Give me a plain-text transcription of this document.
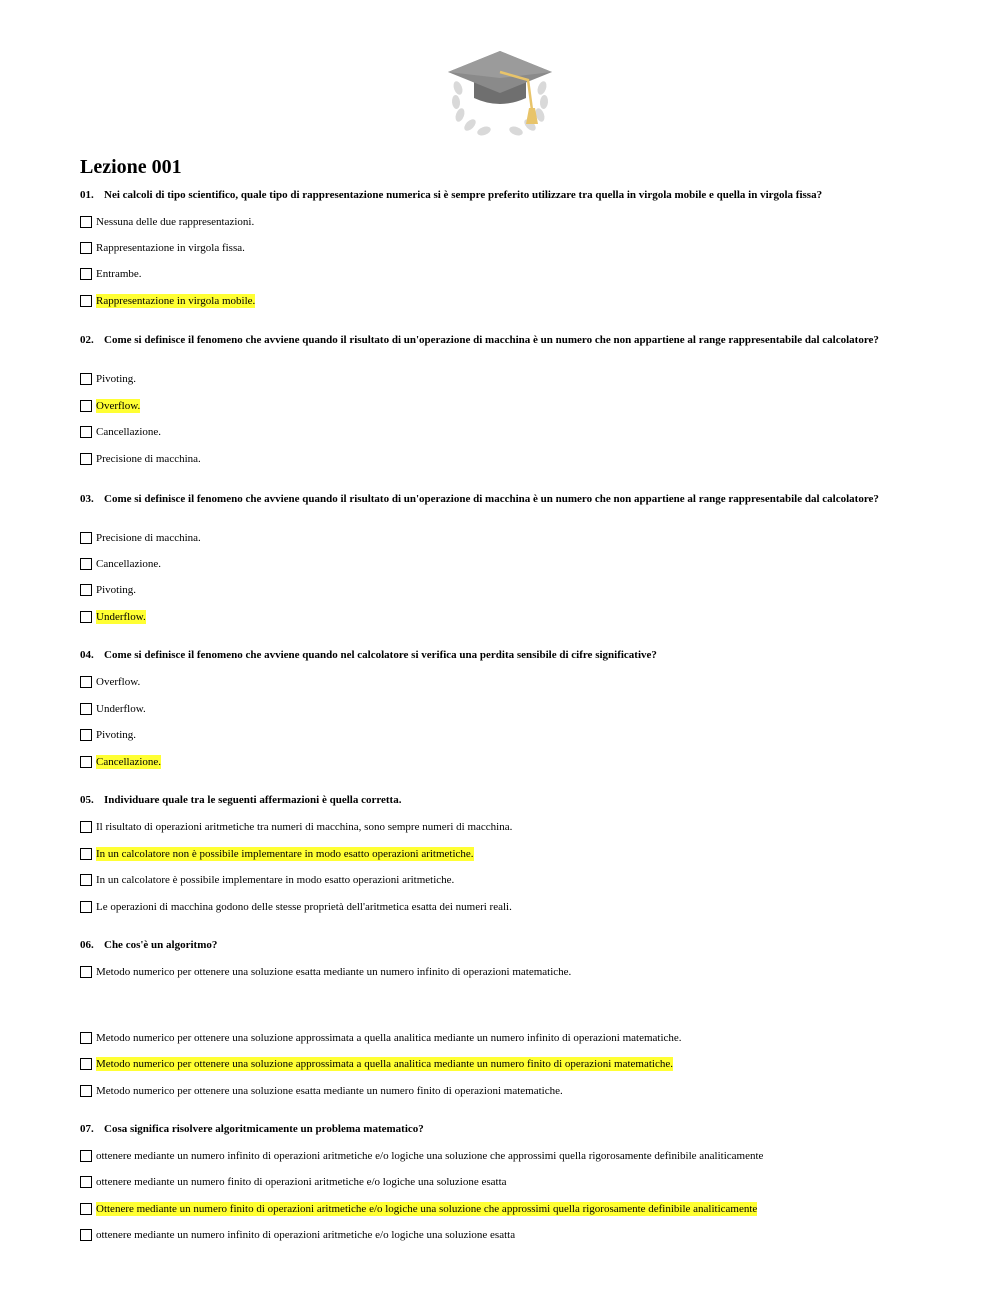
Lezione 001

01. Nei calcoli di tipo scientifico, quale tipo di rappresentazione numerica si è sempre preferito utilizzare tra quella in virgola mobile e quella in virgola fissa?

Nessuna delle due rappresentazioni.
Rappresentazione in virgola fissa.
Entrambe.
Rappresentazione in virgola mobile.

02. Come si definisce il fenomeno che avviene quando il risultato di un'operazione di macchina è un numero che non appartiene al range rappresentabile dal calcolatore?

Pivoting.
Overflow.
Cancellazione.
Precisione di macchina.

03. Come si definisce il fenomeno che avviene quando il risultato di un'operazione di macchina è un numero che non appartiene al range rappresentabile dal calcolatore?

Precisione di macchina.
Cancellazione.
Pivoting.
Underflow.

04. Come si definisce il fenomeno che avviene quando nel calcolatore si verifica una perdita sensibile di cifre significative?

Overflow.
Underflow.
Pivoting.
Cancellazione.

05. Individuare quale tra le seguenti affermazioni è quella corretta.

Il risultato di operazioni aritmetiche tra numeri di macchina, sono sempre numeri di macchina.
In un calcolatore non è possibile implementare in modo esatto operazioni aritmetiche.
In un calcolatore è possibile implementare in modo esatto operazioni aritmetiche.
Le operazioni di macchina godono delle stesse proprietà dell'aritmetica esatta dei numeri reali.

06. Che cos'è un algoritmo?

Metodo numerico per ottenere una soluzione esatta mediante un numero infinito di operazioni matematiche.
Metodo numerico per ottenere una soluzione approssimata a quella analitica mediante un numero infinito di operazioni matematiche.
Metodo numerico per ottenere una soluzione approssimata a quella analitica mediante un numero finito di operazioni matematiche.
Metodo numerico per ottenere una soluzione esatta mediante un numero finito di operazioni matematiche.

07. Cosa significa risolvere algoritmicamente un problema matematico?

ottenere mediante un numero infinito di operazioni aritmetiche e/o logiche una soluzione che approssimi quella rigorosamente definibile analiticamente
ottenere mediante un numero finito di operazioni aritmetiche e/o logiche una soluzione esatta
Ottenere mediante un numero finito di operazioni aritmetiche e/o logiche una soluzione che approssimi quella rigorosamente definibile analiticamente
ottenere mediante un numero infinito di operazioni aritmetiche e/o logiche una soluzione esatta
